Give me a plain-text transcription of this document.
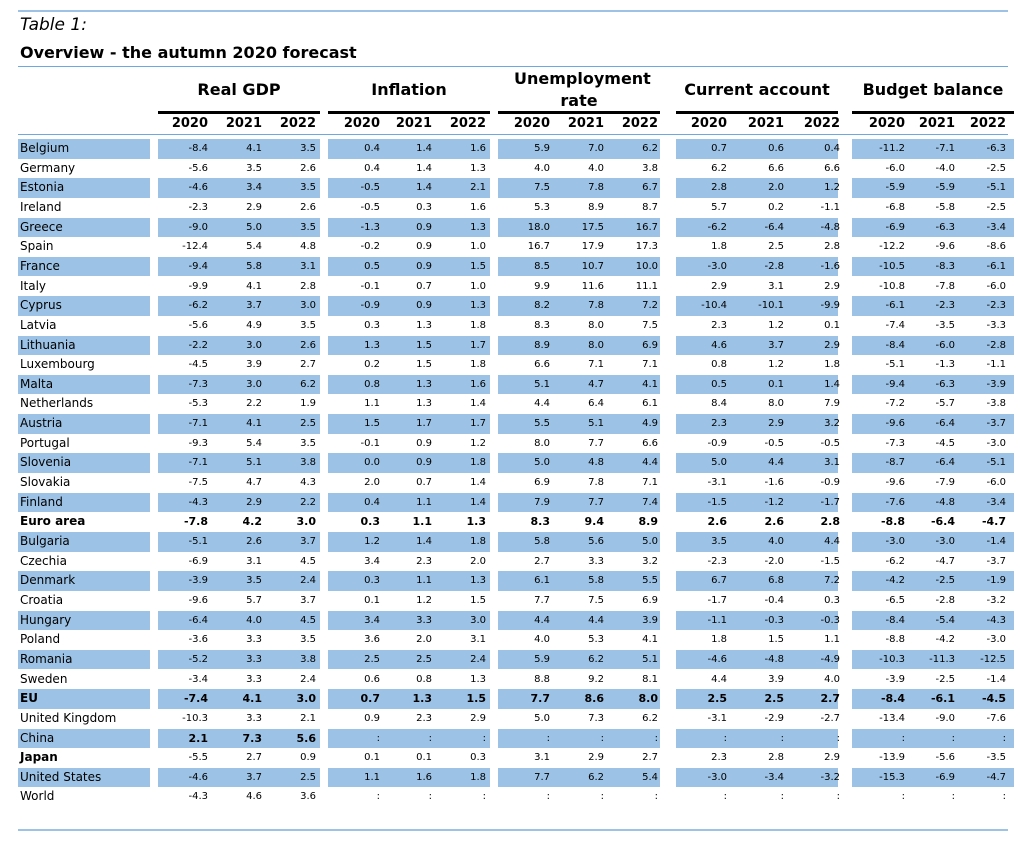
Table 1:
Overview - the autumn 2020 forecast
Real GDP
2020	2021	2022
Inflation
2020	2021	2022
Unemployment rate
2020	2021	2022
Current account
2020	2021	2022
Budget balance
2020	2021	2022
Belgium	-8.4	4.1	3.5	0.4	1.4	1.6	5.9	7.0	6.2	0.7	0.6	0.4	-11.2	-7.1	-6.3
Germany	-5.6	3.5	2.6	0.4	1.4	1.3	4.0	4.0	3.8	6.2	6.6	6.6	-6.0	-4.0	-2.5
Estonia	-4.6	3.4	3.5	-0.5	1.4	2.1	7.5	7.8	6.7	2.8	2.0	1.2	-5.9	-5.9	-5.1
Ireland	-2.3	2.9	2.6	-0.5	0.3	1.6	5.3	8.9	8.7	5.7	0.2	-1.1	-6.8	-5.8	-2.5
Greece	-9.0	5.0	3.5	-1.3	0.9	1.3	18.0	17.5	16.7	-6.2	-6.4	-4.8	-6.9	-6.3	-3.4
Spain	-12.4	5.4	4.8	-0.2	0.9	1.0	16.7	17.9	17.3	1.8	2.5	2.8	-12.2	-9.6	-8.6
France	-9.4	5.8	3.1	0.5	0.9	1.5	8.5	10.7	10.0	-3.0	-2.8	-1.6	-10.5	-8.3	-6.1
Italy	-9.9	4.1	2.8	-0.1	0.7	1.0	9.9	11.6	11.1	2.9	3.1	2.9	-10.8	-7.8	-6.0
Cyprus	-6.2	3.7	3.0	-0.9	0.9	1.3	8.2	7.8	7.2	-10.4	-10.1	-9.9	-6.1	-2.3	-2.3
Latvia	-5.6	4.9	3.5	0.3	1.3	1.8	8.3	8.0	7.5	2.3	1.2	0.1	-7.4	-3.5	-3.3
Lithuania	-2.2	3.0	2.6	1.3	1.5	1.7	8.9	8.0	6.9	4.6	3.7	2.9	-8.4	-6.0	-2.8
Luxembourg	-4.5	3.9	2.7	0.2	1.5	1.8	6.6	7.1	7.1	0.8	1.2	1.8	-5.1	-1.3	-1.1
Malta	-7.3	3.0	6.2	0.8	1.3	1.6	5.1	4.7	4.1	0.5	0.1	1.4	-9.4	-6.3	-3.9
Netherlands	-5.3	2.2	1.9	1.1	1.3	1.4	4.4	6.4	6.1	8.4	8.0	7.9	-7.2	-5.7	-3.8
Austria	-7.1	4.1	2.5	1.5	1.7	1.7	5.5	5.1	4.9	2.3	2.9	3.2	-9.6	-6.4	-3.7
Portugal	-9.3	5.4	3.5	-0.1	0.9	1.2	8.0	7.7	6.6	-0.9	-0.5	-0.5	-7.3	-4.5	-3.0
Slovenia	-7.1	5.1	3.8	0.0	0.9	1.8	5.0	4.8	4.4	5.0	4.4	3.1	-8.7	-6.4	-5.1
Slovakia	-7.5	4.7	4.3	2.0	0.7	1.4	6.9	7.8	7.1	-3.1	-1.6	-0.9	-9.6	-7.9	-6.0
Finland	-4.3	2.9	2.2	0.4	1.1	1.4	7.9	7.7	7.4	-1.5	-1.2	-1.7	-7.6	-4.8	-3.4
Euro area	-7.8	4.2	3.0	0.3	1.1	1.3	8.3	9.4	8.9	2.6	2.6	2.8	-8.8	-6.4	-4.7
Bulgaria	-5.1	2.6	3.7	1.2	1.4	1.8	5.8	5.6	5.0	3.5	4.0	4.4	-3.0	-3.0	-1.4
Czechia	-6.9	3.1	4.5	3.4	2.3	2.0	2.7	3.3	3.2	-2.3	-2.0	-1.5	-6.2	-4.7	-3.7
Denmark	-3.9	3.5	2.4	0.3	1.1	1.3	6.1	5.8	5.5	6.7	6.8	7.2	-4.2	-2.5	-1.9
Croatia	-9.6	5.7	3.7	0.1	1.2	1.5	7.7	7.5	6.9	-1.7	-0.4	0.3	-6.5	-2.8	-3.2
Hungary	-6.4	4.0	4.5	3.4	3.3	3.0	4.4	4.4	3.9	-1.1	-0.3	-0.3	-8.4	-5.4	-4.3
Poland	-3.6	3.3	3.5	3.6	2.0	3.1	4.0	5.3	4.1	1.8	1.5	1.1	-8.8	-4.2	-3.0
Romania	-5.2	3.3	3.8	2.5	2.5	2.4	5.9	6.2	5.1	-4.6	-4.8	-4.9	-10.3	-11.3	-12.5
Sweden	-3.4	3.3	2.4	0.6	0.8	1.3	8.8	9.2	8.1	4.4	3.9	4.0	-3.9	-2.5	-1.4
EU	-7.4	4.1	3.0	0.7	1.3	1.5	7.7	8.6	8.0	2.5	2.5	2.7	-8.4	-6.1	-4.5
United Kingdom	-10.3	3.3	2.1	0.9	2.3	2.9	5.0	7.3	6.2	-3.1	-2.9	-2.7	-13.4	-9.0	-7.6
China	2.1	7.3	5.6	:	:	:	:	:	:	:	:	:	:	:	:
Japan	-5.5	2.7	0.9	0.1	0.1	0.3	3.1	2.9	2.7	2.3	2.8	2.9	-13.9	-5.6	-3.5
United States	-4.6	3.7	2.5	1.1	1.6	1.8	7.7	6.2	5.4	-3.0	-3.4	-3.2	-15.3	-6.9	-4.7
World	-4.3	4.6	3.6	:	:	:	:	:	:	:	:	:	:	:	:
